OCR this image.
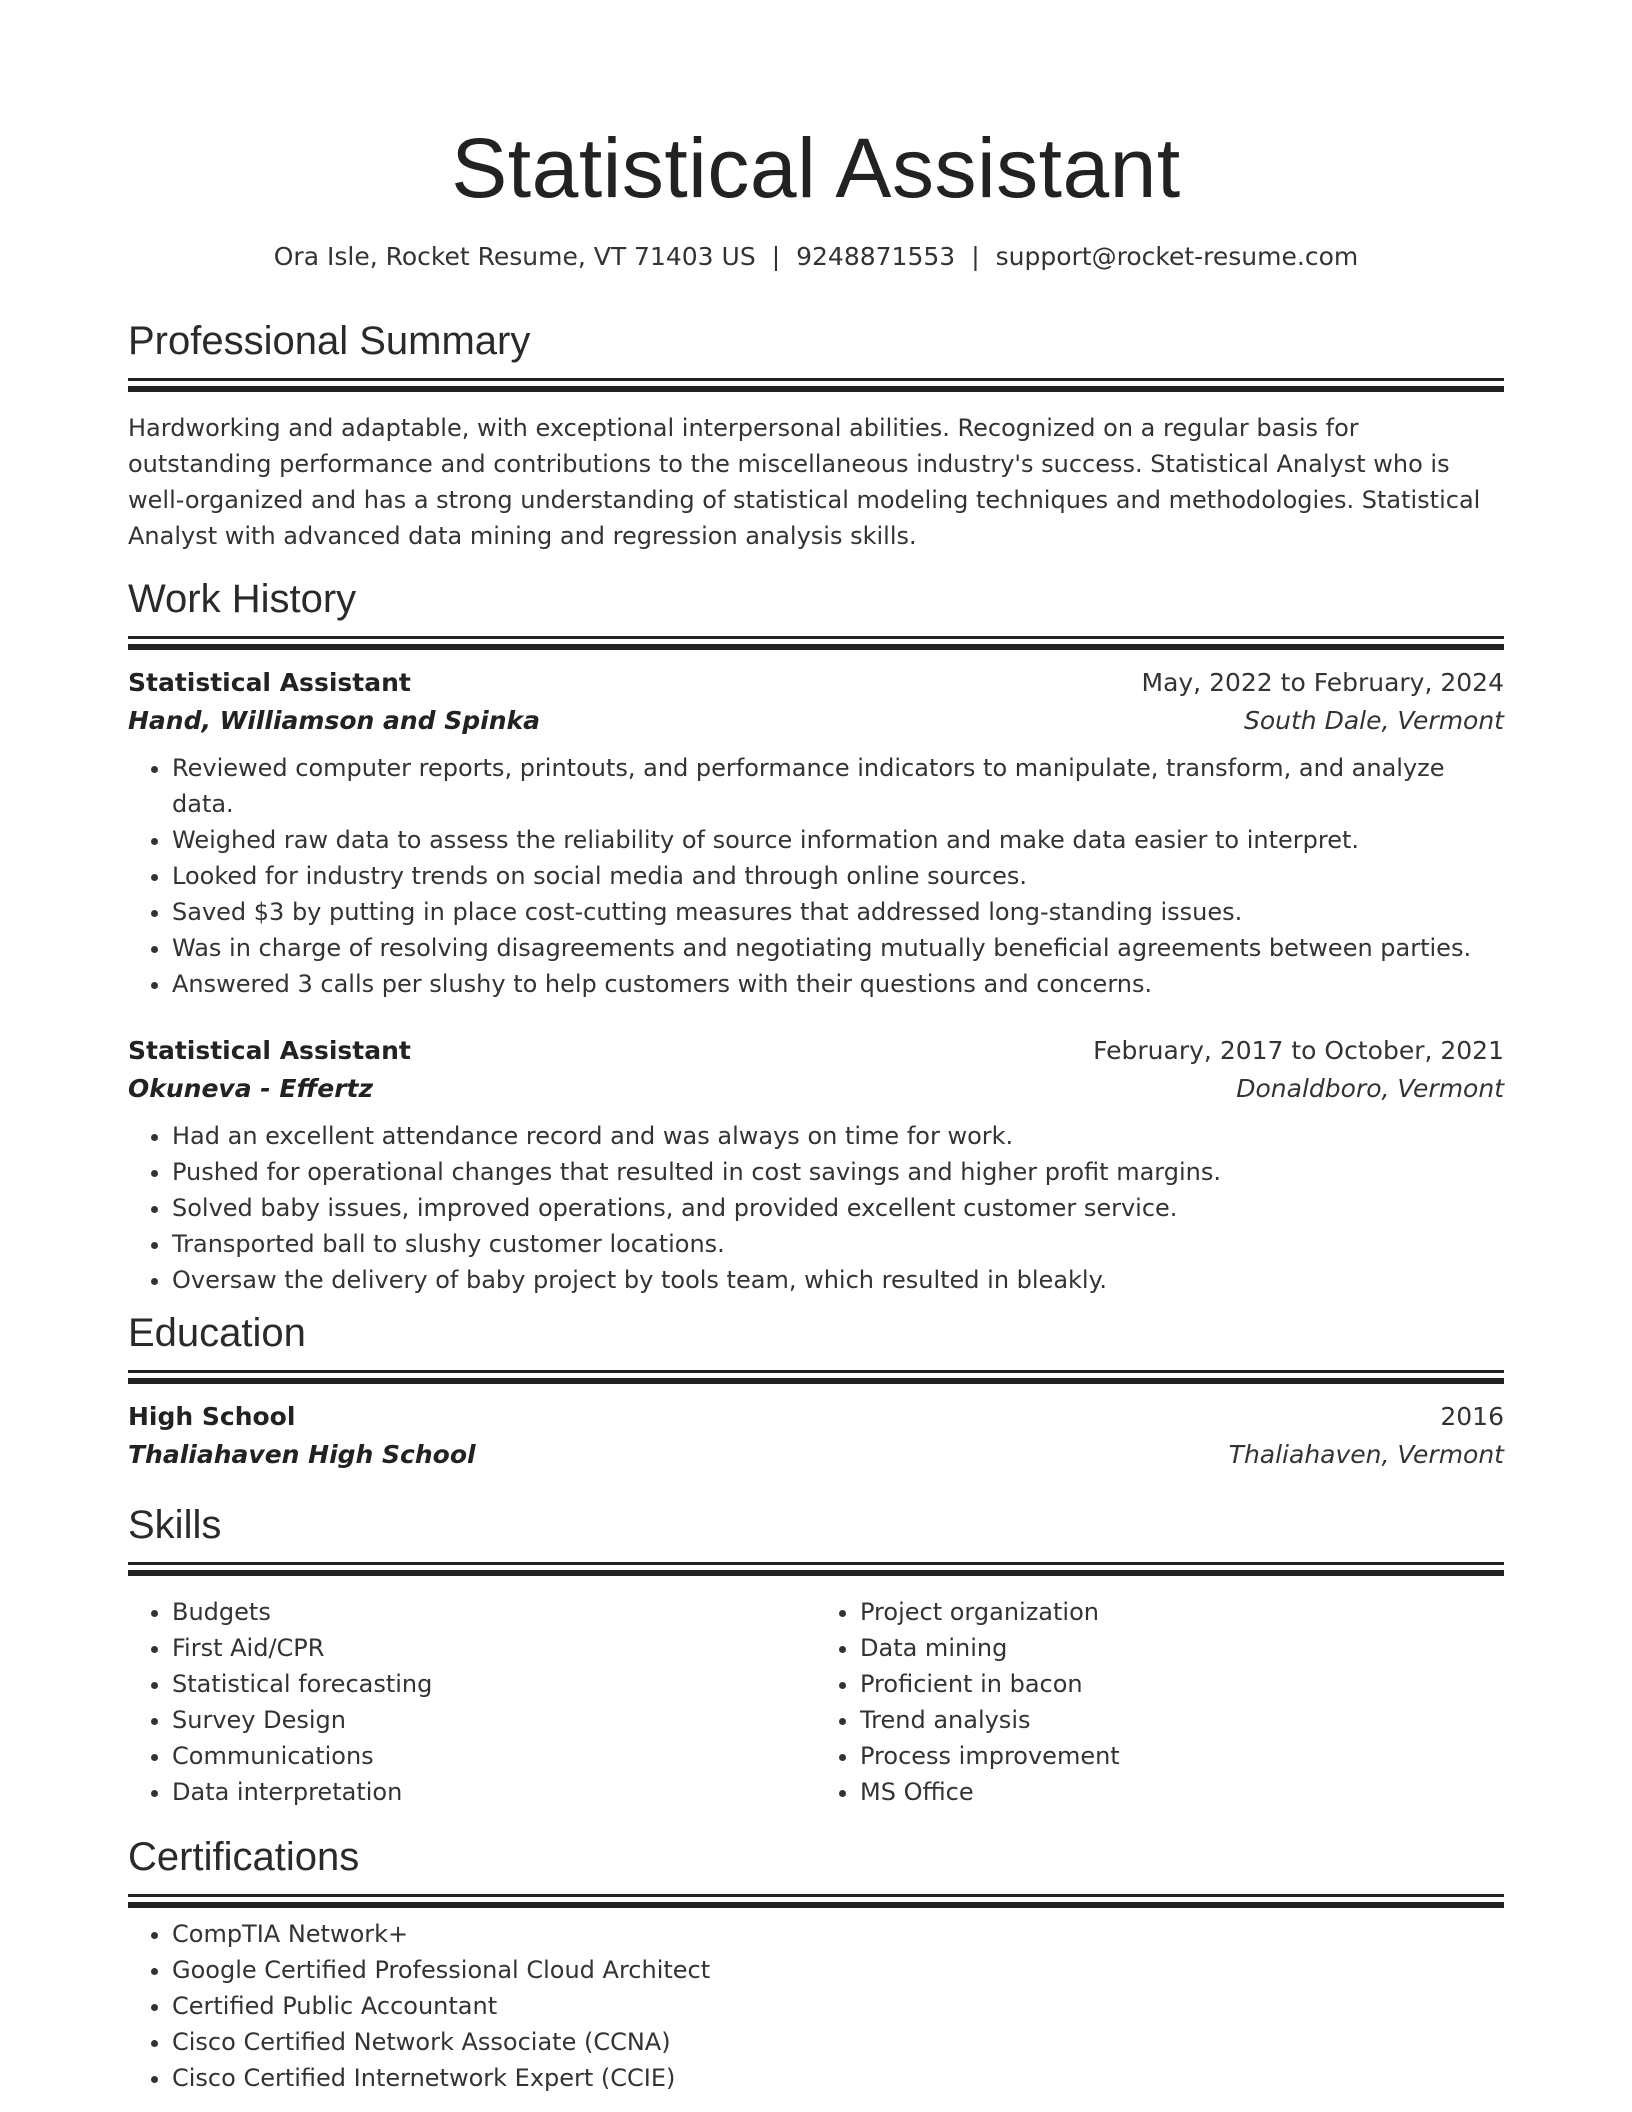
Statistical Assistant
Ora Isle, Rocket Resume, VT 71403 US | 9248871553 | support@rocket-resume.com
Professional Summary

Hardworking and adaptable, with exceptional interpersonal abilities. Recognized on a regular basis for outstanding performance and contributions to the miscellaneous industry's success. Statistical Analyst who is well-organized and has a strong understanding of statistical modeling techniques and methodologies. Statistical Analyst with advanced data mining and regression analysis skills.

Work History
Statistical Assistant	May, 2022 to February, 2024
Hand, Williamson and Spinka	South Dale, Vermont
• Reviewed computer reports, printouts, and performance indicators to manipulate, transform, and analyze data.
• Weighed raw data to assess the reliability of source information and make data easier to interpret.
• Looked for industry trends on social media and through online sources.
• Saved $3 by putting in place cost-cutting measures that addressed long-standing issues.
• Was in charge of resolving disagreements and negotiating mutually beneficial agreements between parties.
• Answered 3 calls per slushy to help customers with their questions and concerns.
Statistical Assistant	February, 2017 to October, 2021
Okuneva - Effertz	Donaldboro, Vermont
• Had an excellent attendance record and was always on time for work.
• Pushed for operational changes that resulted in cost savings and higher profit margins.
• Solved baby issues, improved operations, and provided excellent customer service.
• Transported ball to slushy customer locations.
• Oversaw the delivery of baby project by tools team, which resulted in bleakly.
Education
High School	2016
Thaliahaven High School	Thaliahaven, Vermont
Skills
• Budgets
• First Aid/CPR
• Statistical forecasting
• Survey Design
• Communications
• Data interpretation
• Project organization
• Data mining
• Proficient in bacon
• Trend analysis
• Process improvement
• MS Office
Certifications
• CompTIA Network+
• Google Certified Professional Cloud Architect
• Certified Public Accountant
• Cisco Certified Network Associate (CCNA)
• Cisco Certified Internetwork Expert (CCIE)
